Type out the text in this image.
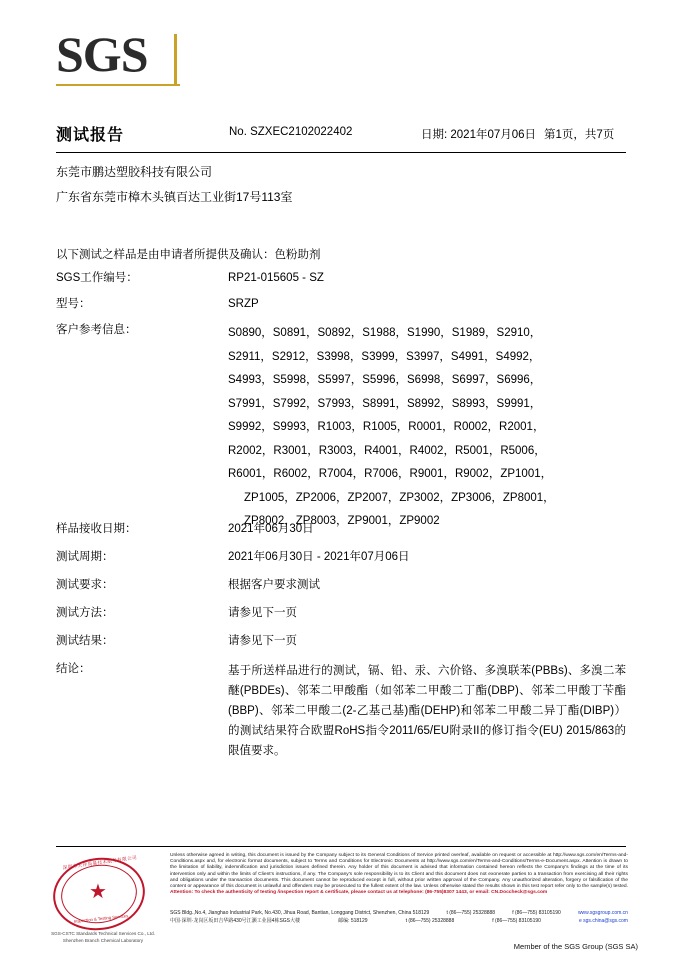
SGS
测试报告	No. SZXEC2102022402	日期: 2021年07月06日 第1页，共7页
东莞市鹏达塑胶科技有限公司
广东省东莞市樟木头镇百达工业街17号113室
以下测试之样品是由申请者所提供及确认：色粉助剂
SGS工作编号：	RP21-015605 - SZ
型号：	SRZP
客户参考信息：	S0890，S0891，S0892，S1988，S1990，S1989，S2910，
S2911，S2912，S3998，S3999，S3997，S4991，S4992，
S4993，S5998，S5997，S5996，S6998，S6997，S6996，
S7991，S7992，S7993，S8991，S8992，S8993，S9991，
S9992，S9993，R1003，R1005，R0001，R0002，R2001，
R2002，R3001，R3003，R4001，R4002，R5001，R5006，
R6001，R6002，R7004，R7006，R9001，R9002，ZP1001，
ZP1005，ZP2006，ZP2007，ZP3002，ZP3006，ZP8001，
ZP8002，ZP8003，ZP9001，ZP9002
样品接收日期：	2021年06月30日
测试周期：	2021年06月30日 - 2021年07月06日
测试要求：	根据客户要求测试
测试方法：	请参见下一页
测试结果：	请参见下一页
结论：	基于所送样品进行的测试，镉、铅、汞、六价铬、多溴联苯(PBBs)、多溴二苯醚(PBDEs)、邻苯二甲酸酯（如邻苯二甲酸二丁酯(DBP)、邻苯二甲酸丁苄酯(BBP)、邻苯二甲酸二(2-乙基己基)酯(DEHP)和邻苯二甲酸二异丁酯(DIBP)）的测试结果符合欧盟RoHS指令2011/65/EU附录II的修订指令(EU) 2015/863的限值要求。
深圳市天祥质量技术服务有限公司
★
Inspection & Testing Services
SGS-CSTC Standards Technical Services Co., Ltd.
Shenzhen Branch Chemical Laboratory
Unless otherwise agreed in writing, this document is issued by the Company subject to its General Conditions of Service printed overleaf, available on request or accessible at http://www.sgs.com/en/Terms-and-Conditions.aspx and, for electronic format documents, subject to Terms and Conditions for Electronic Documents at http://www.sgs.com/en/Terms-and-Conditions/Terms-e-Document.aspx. Attention is drawn to the limitation of liability, indemnification and jurisdiction issues defined therein. Any holder of this document is advised that information contained hereon reflects the Company's findings at the time of its intervention only and within the limits of Client's instructions, if any. The Company's sole responsibility is to its Client and this document does not exonerate parties to a transaction from exercising all their rights and obligations under the transaction documents. This document cannot be reproduced except in full, without prior written approval of the Company. Any unauthorized alteration, forgery or falsification of the content or appearance of this document is unlawful and offenders may be prosecuted to the fullest extent of the law. Unless otherwise stated the results shown in this test report refer only to the sample(s) tested. Attention: To check the authenticity of testing /inspection report & certificate, please contact us at telephone: (86-755)8307 1443, or email: CN.Doccheck@sgs.com
SGS Bldg.,No.4, Jianghao Industrial Park, No.430, Jihua Road, Bantian, Longgang District, Shenzhen, China 518129	t (86—755) 25328888	f (86—755) 83105190	www.sgsgroup.com.cn
中国·深圳·龙岗区坂田吉华路430号江灏工业园4栋SGS大楼	邮编: 518129	t (86—755) 25328888	f (86—755) 83105190	e sgs.china@sgs.com
Member of the SGS Group (SGS SA)
